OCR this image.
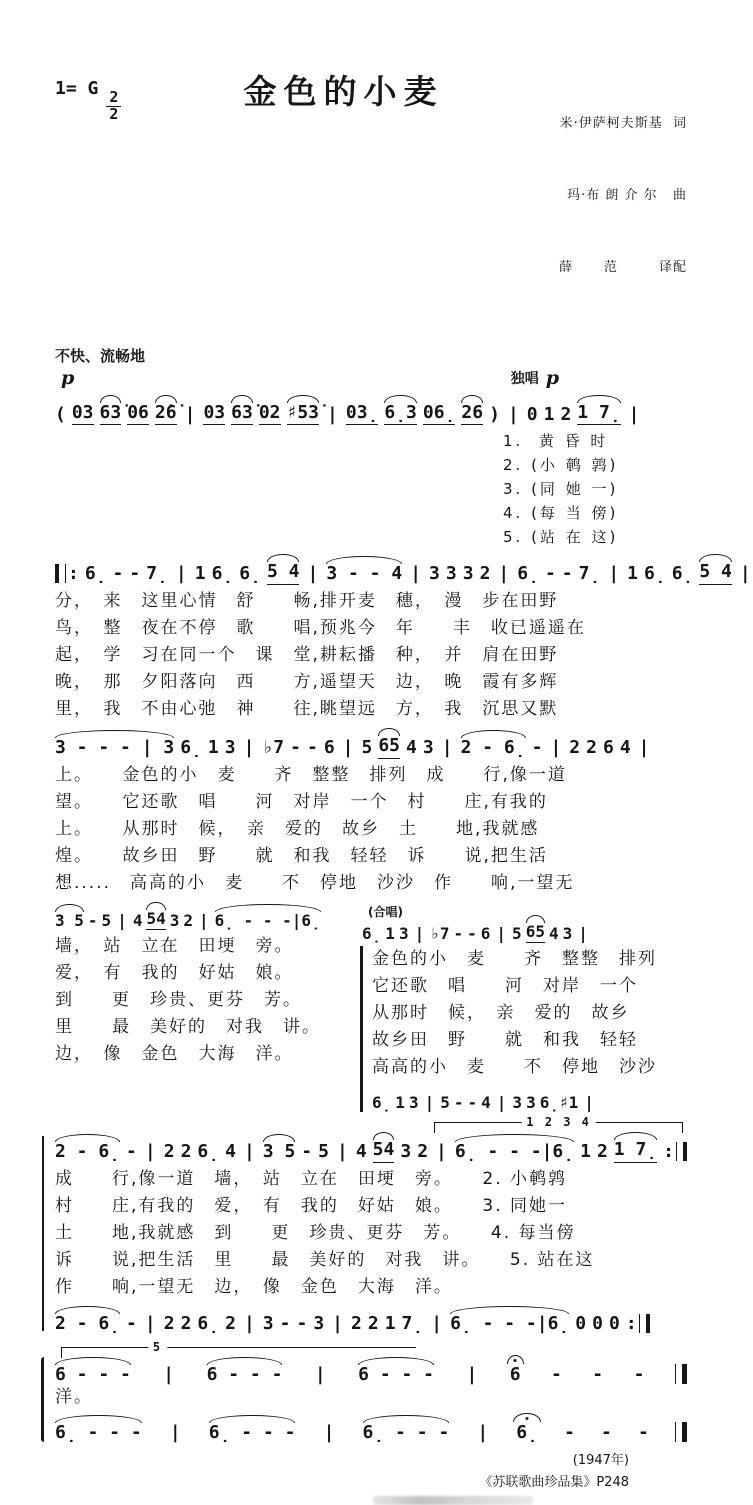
1= G
$\frac{2}{2}$	金色的小麦

米·伊萨柯夫斯基  词

玛·布 朗 介 尔   曲

薛      范        译配

不快、流畅地
p	独唱 p
( 03 63̇ 06 2̇6̇ | 03 63̇ 02 ♯53̇ | 03̣ 6̣3 06̣ 26 ) | 0 1 2 1 7̣ |
1.  黄 昏 时
2. (小 鹌 鹑)
3. (同 她 一)
4. (每 当 傍)
5. (站 在 这)
: 6̣ - - 7̣ | 1 6̣ 6̣ 5 4 | 3 - - 4 | 3 3 3 2 | 6̣ - - 7̣ | 1 6̣ 6̣ 5 4 |
分，　来　这里心情　舒　　畅,排开麦　穗，　漫　步在田野
鸟，　整　夜在不停　歌　　唱,预兆今　年　　丰　收已遥遥在
起，　学　习在同一个　课　堂,耕耘播　种，　并　肩在田野
晚，　那　夕阳落向　西　　方,遥望天　边，　晚　霞有多辉
里，　我　不由心弛　神　　往,眺望远　方，　我　沉思又默
3 - - - | 3 6̣ 1 3 | ♭7 - - 6 | 5 65 4 3 | 2 - 6̣ - | 2 2 6 4 |
上。　　金色的小　麦　　齐　整整　排列　成　　行,像一道
望。　　它还歌　唱　　河　对岸　一个　村　　庄,有我的
上。　　从那时　候，　亲　爱的　故乡　土　　地,我就感
煌。　　故乡田　野　　就　和我　轻轻　诉　　说,把生活
想.....　高高的小　麦　　不　停地　沙沙　作　　响,一望无
3 5 - 5 | 4 54 3 2 | 6̣ - - -|6̣
墙，　站　立在　田埂　旁。
爱，　有　我的　好姑　娘。
到　　更　珍贵、更芬　芳。
里　　最　美好的　对我　讲。
边，　像　金色　大海　洋。
(合唱)
6̣ 1 3 | ♭7 - - 6 | 5 65 4 3 |
金色的小　麦　　齐　整整　排列
它还歌　唱　　河　对岸　一个
从那时　候，　亲　爱的　故乡
故乡田　野　　就　和我　轻轻
高高的小　麦　　不　停地　沙沙
6̣ 1 3 | 5 - - 4 | 3 3 6̣♯1 |
1 2 3 4
2 - 6̣ - | 2 2 6̣ 4 | 3 5 - 5 | 4 54 3 2 | 6̣ - - -|6̣ 1 2 1 7̣ :
成　　行,像一道　墙，　站　立在　田埂　旁。　　2. 小鹌鹑
村　　庄,有我的　爱，　有　我的　好姑　娘。　　3. 同她一
土　　地,我就感　到　　更　珍贵、更芬　芳。　　4. 每当傍
诉　　说,把生活　里　　最　美好的　对我　讲。　　5. 站在这
作　　响,一望无　边，　像　金色　大海　洋。
2 - 6̣ - | 2 2 6̣ 2 | 3 - - 3 | 2 2 1 7̣ | 6̣ - - -|6̣ 0 0 0 :
5
6 - - - | 6 - - - | 6 - - - | 6 - - -
洋。
6̣ - - - | 6̣ - - - | 6̣ - - - | 6̣ - - -
(1947年)
《苏联歌曲珍品集》P248
